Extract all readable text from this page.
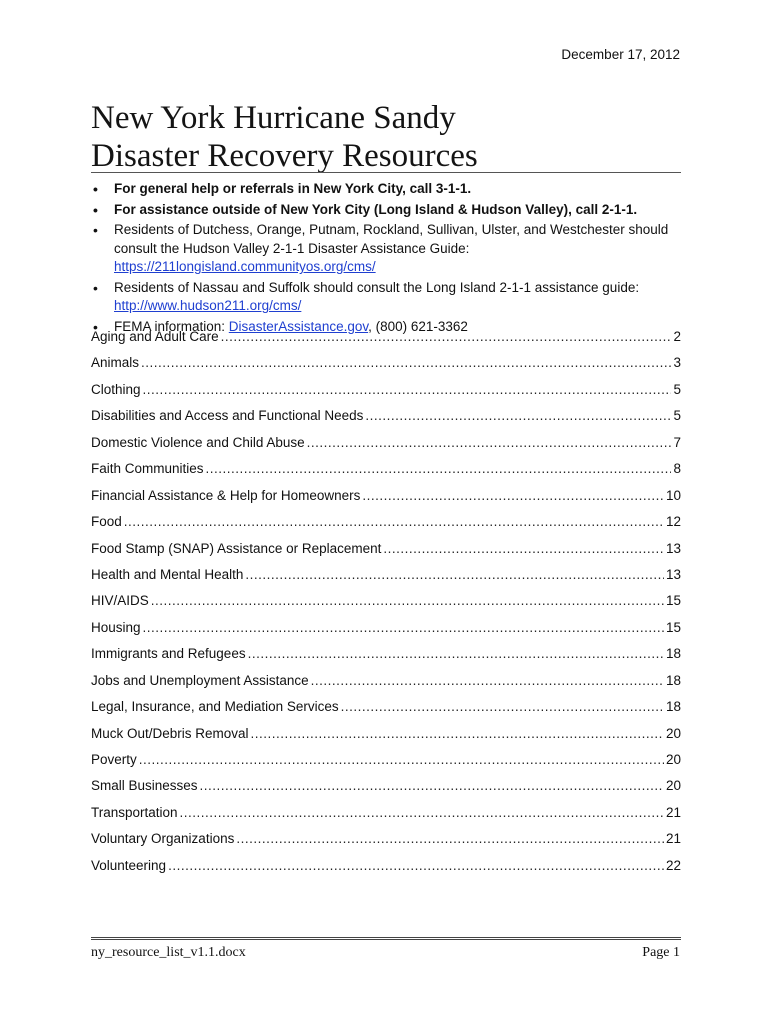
December 17, 2012
New York Hurricane Sandy
Disaster Recovery Resources
• For general help or referrals in New York City, call 3-1-1.
• For assistance outside of New York City (Long Island & Hudson Valley), call 2-1-1.
• Residents of Dutchess, Orange, Putnam, Rockland, Sullivan, Ulster, and Westchester should consult the Hudson Valley 2-1-1 Disaster Assistance Guide: https://211longisland.communityos.org/cms/
• Residents of Nassau and Suffolk should consult the Long Island 2-1-1 assistance guide: http://www.hudson211.org/cms/
• FEMA information: DisasterAssistance.gov, (800) 621-3362
Aging and Adult Care .....	2
Animals .....	3
Clothing .....	5
Disabilities and Access and Functional Needs .....	5
Domestic Violence and Child Abuse .....	7
Faith Communities .....	8
Financial Assistance & Help for Homeowners .....	10
Food .....	12
Food Stamp (SNAP) Assistance or Replacement .....	13
Health and Mental Health .....	13
HIV/AIDS .....	15
Housing .....	15
Immigrants and Refugees .....	18
Jobs and Unemployment Assistance .....	18
Legal, Insurance, and Mediation Services .....	18
Muck Out/Debris Removal .....	20
Poverty .....	20
Small Businesses .....	20
Transportation .....	21
Voluntary Organizations .....	21
Volunteering .....	22
ny_resource_list_v1.1.docx	Page 1
